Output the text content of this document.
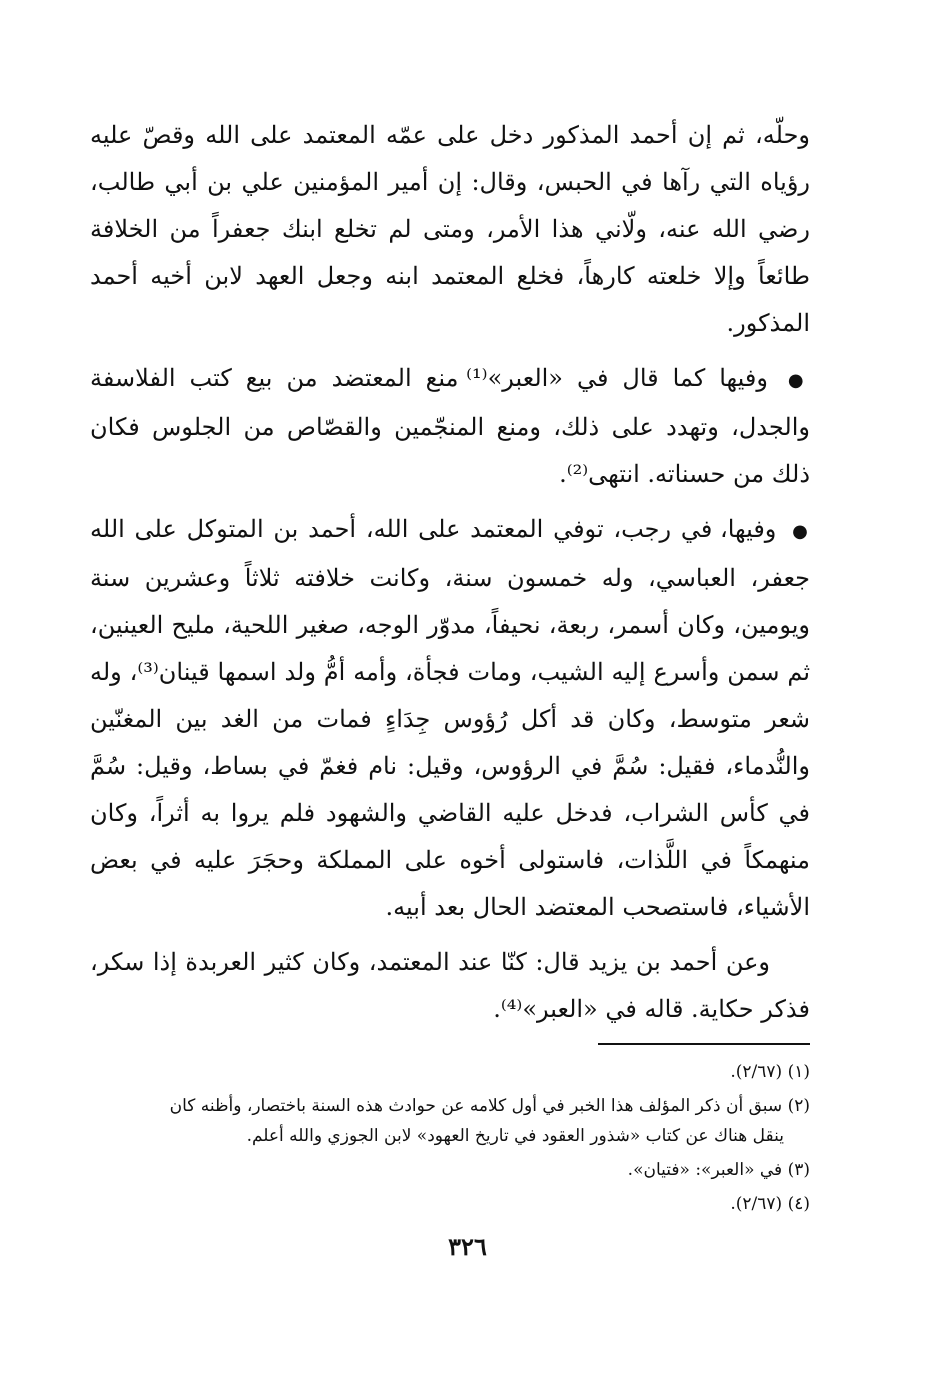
وحلّه، ثم إن أحمد المذكور دخل على عمّه المعتمد على الله وقصّ عليه رؤياه التي رآها في الحبس، وقال: إن أمير المؤمنين علي بن أبي طالب، رضي الله عنه، ولّاني هذا الأمر، ومتى لم تخلع ابنك جعفراً من الخلافة طائعاً وإلا خلعته كارهاً، فخلع المعتمد ابنه وجعل العهد لابن أخيه أحمد المذكور.

● وفيها كما قال في «العبر»⁽¹⁾ منع المعتضد من بيع كتب الفلاسفة والجدل، وتهدد على ذلك، ومنع المنجّمين والقصّاص من الجلوس فكان ذلك من حسناته. انتهى⁽²⁾.

● وفيها، في رجب، توفي المعتمد على الله، أحمد بن المتوكل على الله جعفر، العباسي، وله خمسون سنة، وكانت خلافته ثلاثاً وعشرين سنة ويومين، وكان أسمر، ربعة، نحيفاً، مدوّر الوجه، صغير اللحية، مليح العينين، ثم سمن وأسرع إليه الشيب، ومات فجأة، وأمه أمُّ ولد اسمها قينان⁽³⁾، وله شعر متوسط، وكان قد أكل رُؤوس جِدَاءٍ فمات من الغد بين المغنّين والنُّدماء، فقيل: سُمَّ في الرؤوس، وقيل: نام فغمّ في بساط، وقيل: سُمَّ في كأس الشراب، فدخل عليه القاضي والشهود فلم يروا به أثراً، وكان منهمكاً في اللَّذات، فاستولى أخوه على المملكة وحجَرَ عليه في بعض الأشياء، فاستصحب المعتضد الحال بعد أبيه.

وعن أحمد بن يزيد قال: كنّا عند المعتمد، وكان كثير العربدة إذا سكر، فذكر حكاية. قاله في «العبر»⁽⁴⁾.

(١) (٢/٦٧).

(٢) سبق أن ذكر المؤلف هذا الخبر في أول كلامه عن حوادث هذه السنة باختصار، وأظنه كان
ينقل هناك عن كتاب «شذور العقود في تاريخ العهود» لابن الجوزي والله أعلم.

(٣) في «العبر»: «فتيان».

(٤) (٢/٦٧).

٣٢٦
